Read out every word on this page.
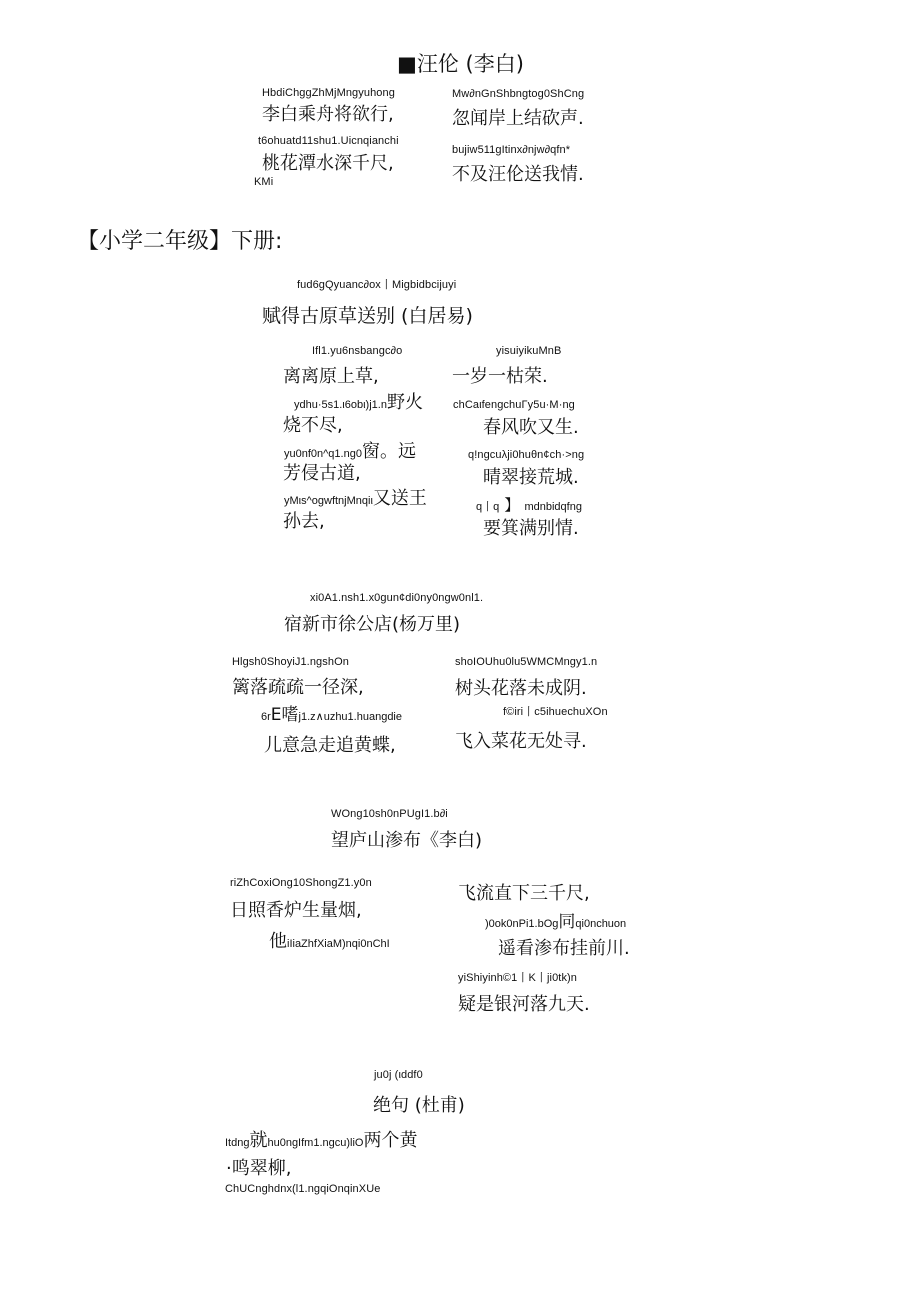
■汪伦 (李白)
HbdiChggZhMjMngyuhong
李白乘舟将欲行,
t6ohuatd11shu1.Uicnqianchi
桃花潭水深千尺,
KMi
Mw∂nGnShbngtog0ShCng
忽闻岸上结砍声.
bujiw511gItinx∂njw∂qfn*
不及汪伦送我情.
【小学二年级】下册:
fud6gQyuanc∂ox丨Migbidbcijuyi
赋得古原草送别 (白居易)
Ifl1.yu6nsbangc∂o
离离原上草,
ydhu·5s1.ι6obι)j1.n野火
烧不尽,
yu0nf0n^q1.ng0窗。远
芳侵古道,
yMιs^ogwftnjMnqiι又送王
孙去,
yisuiyikuMnB
一岁一枯荣.
chCaιfengchuΓy5u·M·ng
春风吹又生.
q!ngcuλji0huθn¢ch·>ng
晴翠接荒城.
q丨q 】 mdnbidqfng
要箕满别情.
xi0A1.nsh1.x0gun¢di0ny0ngw0nl1.
宿新市徐公店(杨万里)
Hlgsh0ShoyiJ1.ngshOn
篱落疏疏一径深,
6rE嗜j1.z∧uzhu1.huangdie
儿意急走追黄蝶,
shoIOUhu0lu5WMCMngy1.n
树头花落未成阴.
f©iri丨c5ihuechuXOn
飞入菜花无处寻.
WOng10sh0nPUgI1.b∂i
望庐山渗布《李白)
riZhCoxiOng10ShongZ1.y0n
日照香炉生量烟,
他iIiaZhfXiaM)nqi0nChI
飞流直下三千尺,
)0ok0nPi1.bOg同qi0nchuon
遥看渗布挂前川.
yiShiyinh©1丨K丨ji0tk)n
疑是银河落九天.
ju0j (ιddf0
绝句 (杜甫)
Itdng就hu0ngIfm1.ngcu)liO两个黄
·鸣翠柳,
ChUCnghdnx(l1.ngqiOnqinXUe
